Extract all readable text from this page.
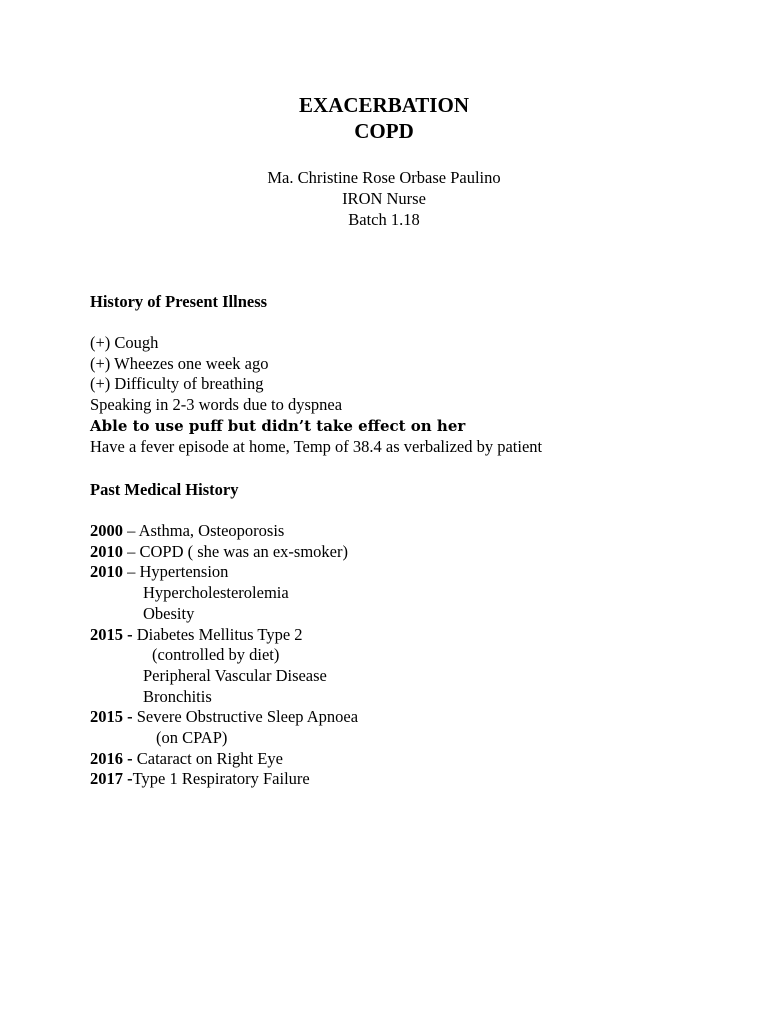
EXACERBATION
COPD
Ma. Christine Rose Orbase Paulino
IRON Nurse
Batch 1.18
History of Present Illness
(+) Cough
(+) Wheezes one week ago
(+) Difficulty of breathing
Speaking in 2-3 words due to dyspnea
Able to use puff but didn’t take effect on her
Have a fever episode at home, Temp of 38.4 as verbalized by patient
Past Medical History
2000 – Asthma, Osteoporosis
2010 – COPD ( she was an ex-smoker)
2010 – Hypertension
Hypercholesterolemia
Obesity
2015 - Diabetes Mellitus Type 2
(controlled by diet)
Peripheral Vascular Disease
Bronchitis
2015 - Severe Obstructive Sleep Apnoea
(on CPAP)
2016 - Cataract on Right Eye
2017 -Type 1 Respiratory Failure
